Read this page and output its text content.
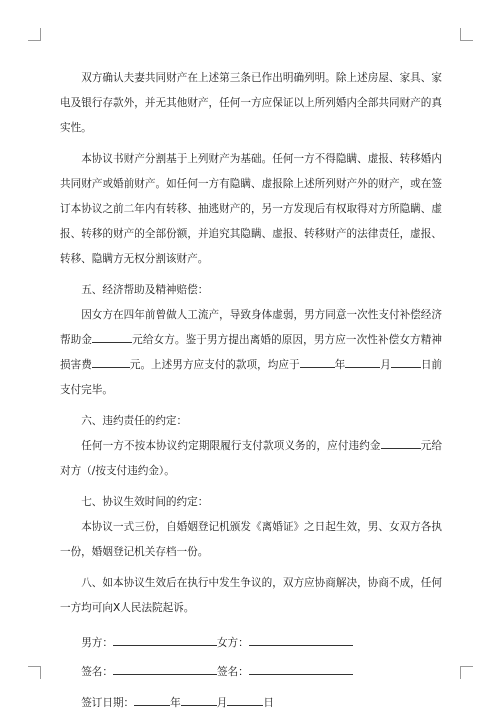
双方确认夫妻共同财产在上述第三条已作出明确列明。除上述房屋、家具、家电及银行存款外，并无其他财产，任何一方应保证以上所列婚内全部共同财产的真实性。

本协议书财产分割基于上列财产为基础。任何一方不得隐瞒、虚报、转移婚内共同财产或婚前财产。如任何一方有隐瞒、虚报除上述所列财产外的财产，或在签订本协议之前二年内有转移、抽逃财产的，另一方发现后有权取得对方所隐瞒、虚报、转移的财产的全部份额，并追究其隐瞒、虚报、转移财产的法律责任，虚报、转移、隐瞒方无权分割该财产。

五、经济帮助及精神赔偿：

因女方在四年前曾做人工流产，导致身体虚弱，男方同意一次性支付补偿经济帮助金	元给女方。鉴于男方提出离婚的原因，男方应一次性补偿女方精神损害费	元。上述男方应支付的款项，均应于	年	月	日前支付完毕。

六、违约责任的约定：

任何一方不按本协议约定期限履行支付款项义务的，应付违约金	元给对方（/按支付违约金）。

七、协议生效时间的约定：

本协议一式三份，自婚姻登记机颁发《离婚证》之日起生效，男、女双方各执一份，婚姻登记机关存档一份。

八、如本协议生效后在执行中发生争议的，双方应协商解决，协商不成，任何一方均可向X人民法院起诉。

男方：	女方：

签名：	签名：

签订日期：	年	月	日
